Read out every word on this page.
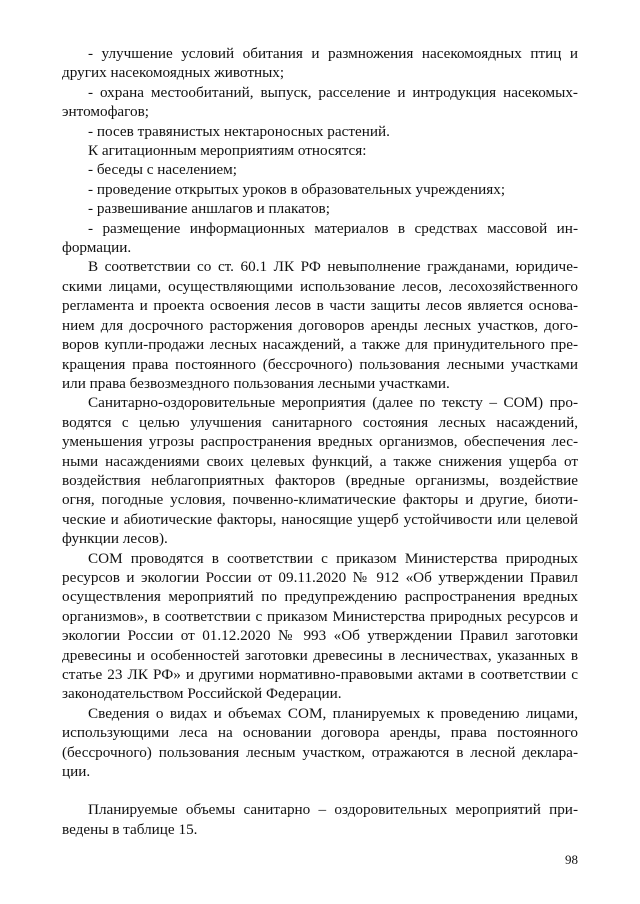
- улучшение условий обитания и размножения насекомоядных птиц и других насекомоядных животных;

- охрана местообитаний, выпуск, расселение и интродукция насекомых-энтомофагов;

- посев травянистых нектароносных растений.

К агитационным мероприятиям относятся:

- беседы с населением;

- проведение открытых уроков в образовательных учреждениях;

- развешивание аншлагов и плакатов;

- размещение информационных материалов в средствах массовой информации.

В соответствии со ст. 60.1 ЛК РФ невыполнение гражданами, юридическими лицами, осуществляющими использование лесов, лесохозяйственного регламента и проекта освоения лесов в части защиты лесов является основанием для досрочного расторжения договоров аренды лесных участков, договоров купли-продажи лесных насаждений, а также для принудительного прекращения права постоянного (бессрочного) пользования лесными участками или права безвозмездного пользования лесными участками.

Санитарно-оздоровительные мероприятия (далее по тексту – СОМ) проводятся с целью улучшения санитарного состояния лесных насаждений, уменьшения угрозы распространения вредных организмов, обеспечения лесными насаждениями своих целевых функций, а также снижения ущерба от воздействия неблагоприятных факторов (вредные организмы, воздействие огня, погодные условия, почвенно-климатические факторы и другие, биотические и абиотические факторы, наносящие ущерб устойчивости или целевой функции лесов).

СОМ проводятся в соответствии с приказом Министерства природных ресурсов и экологии России от 09.11.2020 № 912 «Об утверждении Правил осуществления мероприятий по предупреждению распространения вредных организмов», в соответствии с приказом Министерства природных ресурсов и экологии России от 01.12.2020 № 993 «Об утверждении Правил заготовки древесины и особенностей заготовки древесины в лесничествах, указанных в статье 23 ЛК РФ» и другими нормативно-правовыми актами в соответствии с законодательством Российской Федерации.

Сведения о видах и объемах СОМ, планируемых к проведению лицами, использующими леса на основании договора аренды, права постоянного (бессрочного) пользования лесным участком, отражаются в лесной декларации.

Планируемые объемы санитарно – оздоровительных мероприятий приведены в таблице 15.

98
